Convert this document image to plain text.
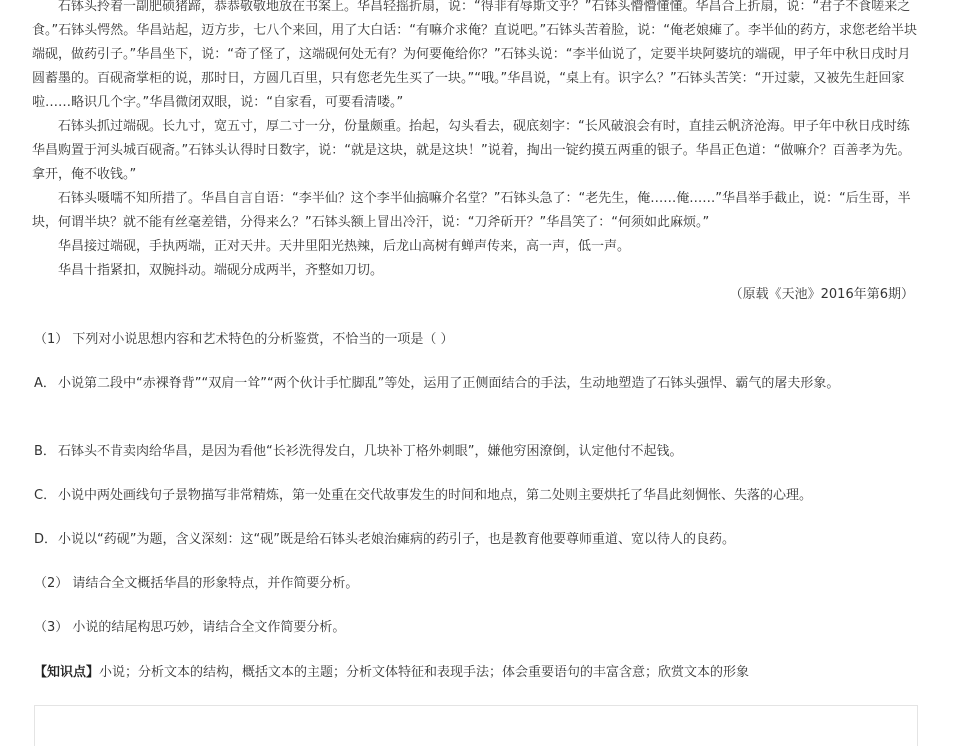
石钵头拎着一副肥硕猪蹄，恭恭敬敬地放在书案上。华昌轻摇折扇，说：“得非有辱斯文乎？”石钵头懵懵懂懂。华昌合上折扇，说：“君子不食嗟来之食。”石钵头愕然。华昌站起，迈方步，七八个来回，用了大白话：“有嘛介求俺？直说吧。”石钵头苦着脸，说：“俺老娘瘫了。李半仙的药方，求您老给半块端砚，做药引子。”华昌坐下，说：“奇了怪了，这端砚何处无有？为何要俺给你？”石钵头说：“李半仙说了，定要半块阿婆坑的端砚，甲子年中秋日戌时月圆蓄墨的。百砚斋掌柜的说，那时日，方圆几百里，只有您老先生买了一块。”“哦。”华昌说，“桌上有。识字么？”石钵头苦笑：“开过蒙，又被先生赶回家啦……略识几个字。”华昌微闭双眼，说：“自家看，可要看清喽。”

石钵头抓过端砚。长九寸，宽五寸，厚二寸一分，份量颇重。抬起，勾头看去，砚底刻字：“长风破浪会有时，直挂云帆济沧海。甲子年中秋日戌时练华昌购置于河头城百砚斋。”石钵头认得时日数字，说：“就是这块，就是这块！”说着，掏出一锭约摸五两重的银子。华昌正色道：“做嘛介？百善孝为先。拿开，俺不收钱。”

石钵头嗫嚅不知所措了。华昌自言自语：“李半仙？这个李半仙搞嘛介名堂？”石钵头急了：“老先生，俺……俺……”华昌举手截止，说：“后生哥，半块，何谓半块？就不能有丝毫差错，分得来么？”石钵头额上冒出冷汗，说：“刀斧斫开？”华昌笑了：“何须如此麻烦。”

华昌接过端砚，手执两端，正对天井。天井里阳光热辣，后龙山高树有蝉声传来，高一声，低一声。

华昌十指紧扣，双腕抖动。端砚分成两半，齐整如刀切。

（原载《天池》2016年第6期）
（1） 下列对小说思想内容和艺术特色的分析鉴赏，不恰当的一项是（ ）
A． 小说第二段中“赤裸脊背”“双肩一耸”“两个伙计手忙脚乱”等处，运用了正侧面结合的手法，生动地塑造了石钵头强悍、霸气的屠夫形象。
B． 石钵头不肯卖肉给华昌，是因为看他“长衫洗得发白，几块补丁格外刺眼”，嫌他穷困潦倒，认定他付不起钱。
C． 小说中两处画线句子景物描写非常精炼，第一处重在交代故事发生的时间和地点，第二处则主要烘托了华昌此刻惆怅、失落的心理。
D． 小说以“药砚”为题，含义深刻：这“砚”既是给石钵头老娘治瘫病的药引子，也是教育他要尊师重道、宽以待人的良药。
（2） 请结合全文概括华昌的形象特点，并作简要分析。
（3） 小说的结尾构思巧妙，请结合全文作简要分析。
【知识点】小说；分析文本的结构，概括文本的主题；分析文体特征和表现手法；体会重要语句的丰富含意；欣赏文本的形象
